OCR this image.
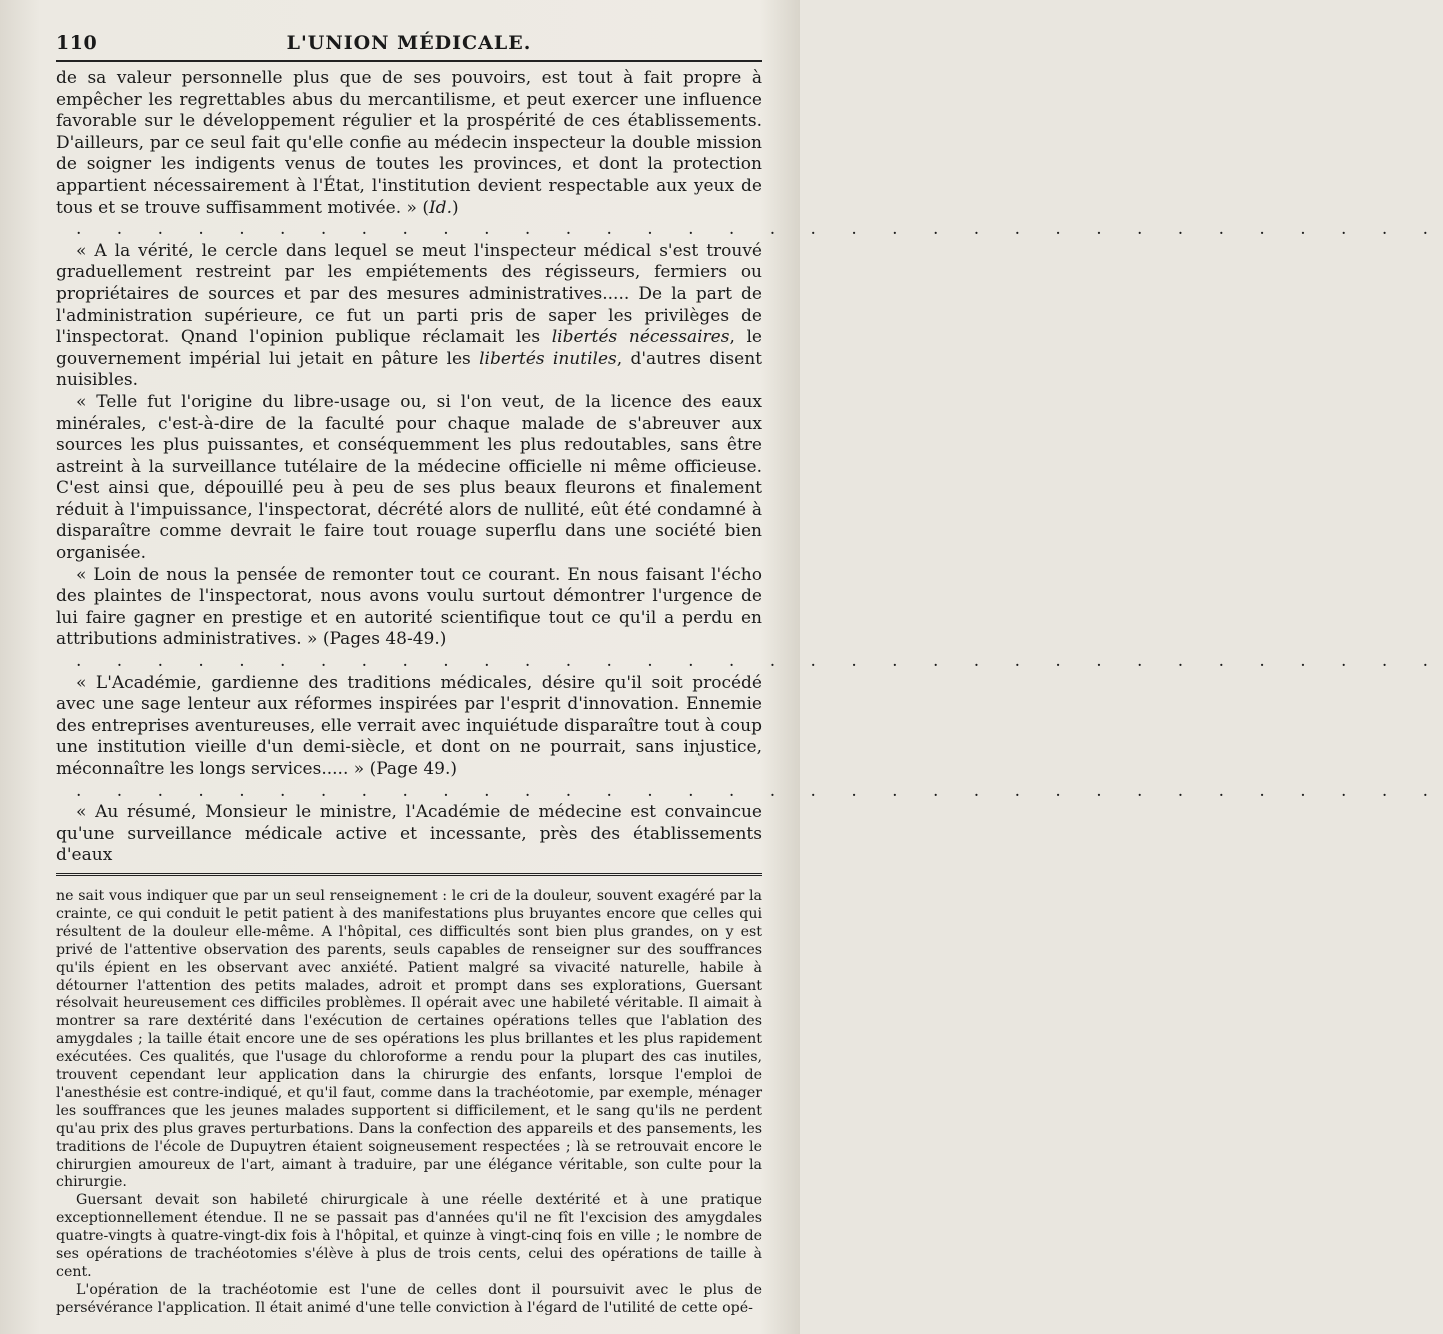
110	L'UNION MÉDICALE.

de sa valeur personnelle plus que de ses pouvoirs, est tout à fait propre à empêcher les regrettables abus du mercantilisme, et peut exercer une influence favorable sur le développement régulier et la prospérité de ces établissements. D'ailleurs, par ce seul fait qu'elle confie au médecin inspecteur la double mission de soigner les indigents venus de toutes les provinces, et dont la protection appartient nécessairement à l'État, l'institution devient respectable aux yeux de tous et se trouve suffisamment motivée. » (Id.)

. . . . . . . . . . . . . . . . . . . . . . . . . . . . . . . . . .

« A la vérité, le cercle dans lequel se meut l'inspecteur médical s'est trouvé graduellement restreint par les empiétements des régisseurs, fermiers ou propriétaires de sources et par des mesures administratives..... De la part de l'administration supérieure, ce fut un parti pris de saper les privilèges de l'inspectorat. Qnand l'opinion publique réclamait les libertés nécessaires, le gouvernement impérial lui jetait en pâture les libertés inutiles, d'autres disent nuisibles.

« Telle fut l'origine du libre-usage ou, si l'on veut, de la licence des eaux minérales, c'est-à-dire de la faculté pour chaque malade de s'abreuver aux sources les plus puissantes, et conséquemment les plus redoutables, sans être astreint à la surveillance tutélaire de la médecine officielle ni même officieuse. C'est ainsi que, dépouillé peu à peu de ses plus beaux fleurons et finalement réduit à l'impuissance, l'inspectorat, décrété alors de nullité, eût été condamné à disparaître comme devrait le faire tout rouage superflu dans une société bien organisée.

« Loin de nous la pensée de remonter tout ce courant. En nous faisant l'écho des plaintes de l'inspectorat, nous avons voulu surtout démontrer l'urgence de lui faire gagner en prestige et en autorité scientifique tout ce qu'il a perdu en attributions administratives. » (Pages 48-49.)

. . . . . . . . . . . . . . . . . . . . . . . . . . . . . . . . . .

« L'Académie, gardienne des traditions médicales, désire qu'il soit procédé avec une sage lenteur aux réformes inspirées par l'esprit d'innovation. Ennemie des entreprises aventureuses, elle verrait avec inquiétude disparaître tout à coup une institution vieille d'un demi-siècle, et dont on ne pourrait, sans injustice, méconnaître les longs services..... » (Page 49.)

. . . . . . . . . . . . . . . . . . . . . . . . . . . . . . . . . .

« Au résumé, Monsieur le ministre, l'Académie de médecine est convaincue qu'une surveillance médicale active et incessante, près des établissements d'eaux

ne sait vous indiquer que par un seul renseignement : le cri de la douleur, souvent exagéré par la crainte, ce qui conduit le petit patient à des manifestations plus bruyantes encore que celles qui résultent de la douleur elle-même. A l'hôpital, ces difficultés sont bien plus grandes, on y est privé de l'attentive observation des parents, seuls capables de renseigner sur des souffrances qu'ils épient en les observant avec anxiété. Patient malgré sa vivacité naturelle, habile à détourner l'attention des petits malades, adroit et prompt dans ses explorations, Guersant résolvait heureusement ces difficiles problèmes. Il opérait avec une habileté véritable. Il aimait à montrer sa rare dextérité dans l'exécution de certaines opérations telles que l'ablation des amygdales ; la taille était encore une de ses opérations les plus brillantes et les plus rapidement exécutées. Ces qualités, que l'usage du chloroforme a rendu pour la plupart des cas inutiles, trouvent cependant leur application dans la chirurgie des enfants, lorsque l'emploi de l'anesthésie est contre-indiqué, et qu'il faut, comme dans la trachéotomie, par exemple, ménager les souffrances que les jeunes malades supportent si difficilement, et le sang qu'ils ne perdent qu'au prix des plus graves perturbations. Dans la confection des appareils et des pansements, les traditions de l'école de Dupuytren étaient soigneusement respectées ; là se retrouvait encore le chirurgien amoureux de l'art, aimant à traduire, par une élégance véritable, son culte pour la chirurgie.

Guersant devait son habileté chirurgicale à une réelle dextérité et à une pratique exceptionnellement étendue. Il ne se passait pas d'années qu'il ne fît l'excision des amygdales quatre-vingts à quatre-vingt-dix fois à l'hôpital, et quinze à vingt-cinq fois en ville ; le nombre de ses opérations de trachéotomies s'élève à plus de trois cents, celui des opérations de taille à cent.

L'opération de la trachéotomie est l'une de celles dont il poursuivit avec le plus de persévérance l'application. Il était animé d'une telle conviction à l'égard de l'utilité de cette opé-
